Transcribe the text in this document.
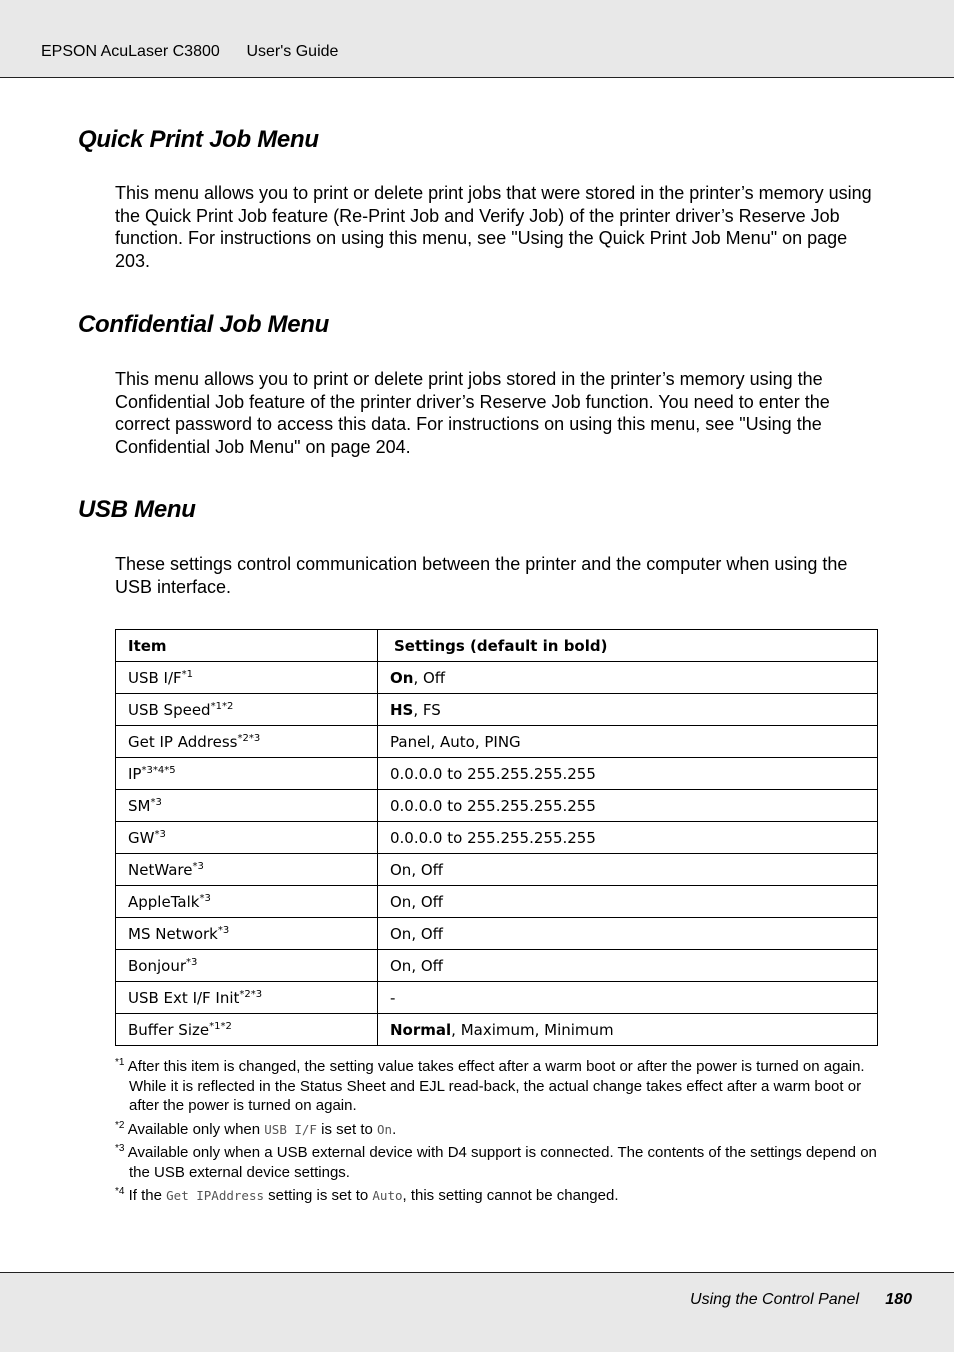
EPSON AcuLaser C3800 User's Guide
Quick Print Job Menu

This menu allows you to print or delete print jobs that were stored in the printer’s memory using the Quick Print Job feature (Re-Print Job and Verify Job) of the printer driver’s Reserve Job function. For instructions on using this menu, see "Using the Quick Print Job Menu" on page 203.

Confidential Job Menu

This menu allows you to print or delete print jobs stored in the printer’s memory using the Confidential Job feature of the printer driver’s Reserve Job function. You need to enter the correct password to access this data. For instructions on using this menu, see "Using the Confidential Job Menu" on page 204.

USB Menu

These settings control communication between the printer and the computer when using the USB interface.

Item	Settings (default in bold)
USB $I/F^{*1}$	On, Off
USB Speed$^{*1*2}$	HS, FS
Get IP Address$^{*2*3}$	Panel, Auto, PING
$IP^{*3*4*5}$	0.0.0.0 to 255.255.255.255
SM$^{*3}$	0.0.0.0 to 255.255.255.255
GW$^{*3}$	0.0.0.0 to 255.255.255.255
NetWare$^{*3}$	On, Off
AppleTalk$^{*3}$	On, Off
MS Network$^{*3}$	On, Off
Bonjour$^{*3}$	On, Off
USB Ext I/F Init$^{*2*3}$	-
Buffer Size$^{*1*2}$	Normal, Maximum, Minimum
$^{*1}$ After this item is changed, the setting value takes effect after a warm boot or after the power is turned on again. While it is reflected in the Status Sheet and EJL read-back, the actual change takes effect after a warm boot or after the power is turned on again.
$^{*2}$ Available only when USB I/F is set to On.
$^{*3}$ Available only when a USB external device with D4 support is connected. The contents of the settings depend on the USB external device settings.
$^{*4}$ If the Get IPAddress setting is set to Auto, this setting cannot be changed.
Using the Control Panel 180
